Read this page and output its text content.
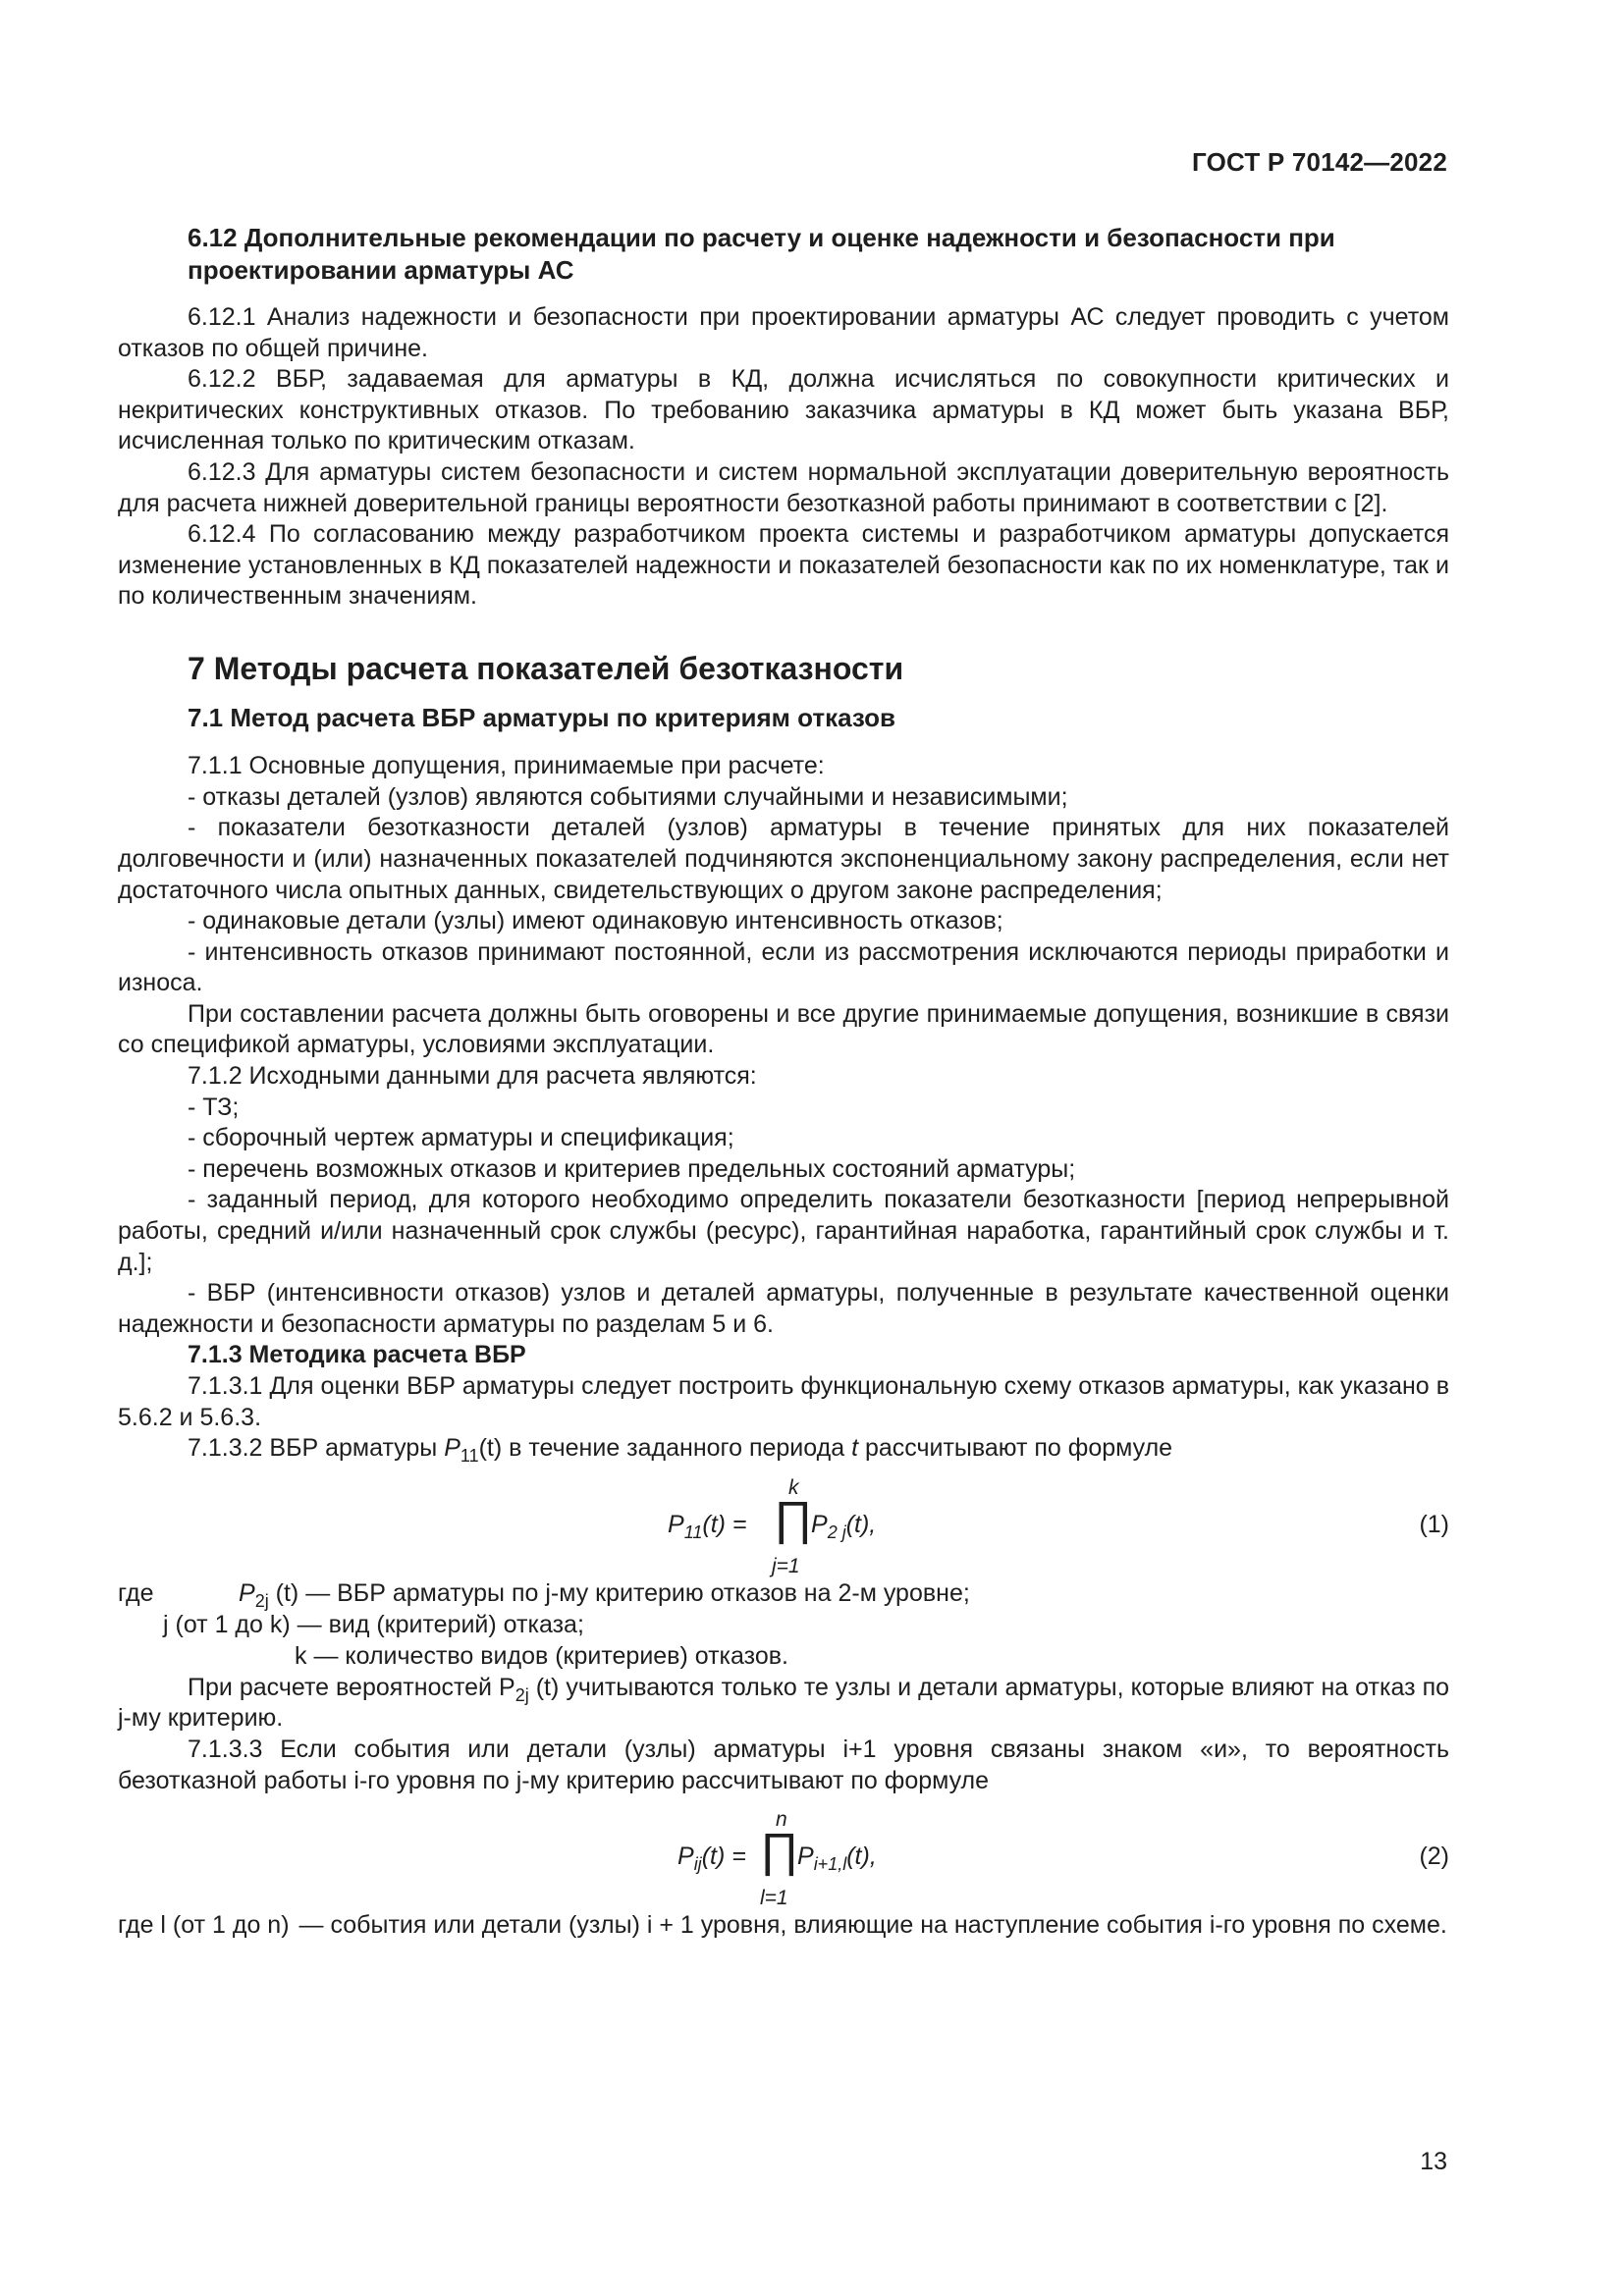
ГОСТ Р 70142—2022
6.12 Дополнительные рекомендации по расчету и оценке надежности и безопасности при проектировании арматуры АС

6.12.1 Анализ надежности и безопасности при проектировании арматуры АС следует проводить с учетом отказов по общей причине.

6.12.2 ВБР, задаваемая для арматуры в КД, должна исчисляться по совокупности критических и некритических конструктивных отказов. По требованию заказчика арматуры в КД может быть указана ВБР, исчисленная только по критическим отказам.

6.12.3 Для арматуры систем безопасности и систем нормальной эксплуатации доверительную вероятность для расчета нижней доверительной границы вероятности безотказной работы принимают в соответствии с [2].

6.12.4 По согласованию между разработчиком проекта системы и разработчиком арматуры допускается изменение установленных в КД показателей надежности и показателей безопасности как по их номенклатуре, так и по количественным значениям.

7 Методы расчета показателей безотказности
7.1 Метод расчета ВБР арматуры по критериям отказов

7.1.1 Основные допущения, принимаемые при расчете:

- отказы деталей (узлов) являются событиями случайными и независимыми;

- показатели безотказности деталей (узлов) арматуры в течение принятых для них показателей долговечности и (или) назначенных показателей подчиняются экспоненциальному закону распределения, если нет достаточного числа опытных данных, свидетельствующих о другом законе распределения;

- одинаковые детали (узлы) имеют одинаковую интенсивность отказов;

- интенсивность отказов принимают постоянной, если из рассмотрения исключаются периоды приработки и износа.

При составлении расчета должны быть оговорены и все другие принимаемые допущения, возникшие в связи со спецификой арматуры, условиями эксплуатации.

7.1.2 Исходными данными для расчета являются:

- ТЗ;

- сборочный чертеж арматуры и спецификация;

- перечень возможных отказов и критериев предельных состояний арматуры;

- заданный период, для которого необходимо определить показатели безотказности [период непрерывной работы, средний и/или назначенный срок службы (ресурс), гарантийная наработка, гарантийный срок службы и т. д.];

- ВБР (интенсивности отказов) узлов и деталей арматуры, полученные в результате качественной оценки надежности и безопасности арматуры по разделам 5 и 6.

7.1.3 Методика расчета ВБР

7.1.3.1 Для оценки ВБР арматуры следует построить функциональную схему отказов арматуры, как указано в 5.6.2 и 5.6.3.

7.1.3.2 ВБР арматуры $P_{11}(t)$ в течение заданного периода t рассчитывают по формуле

$P_{11}(t)$ =
k
∏
j=1
$P_{2 j}(t)$,	(1)
где	$P_{2j}$ (t) — ВБР арматуры по j-му критерию отказов на 2-м уровне;
j (от 1 до k) — вид (критерий) отказа;
k — количество видов (критериев) отказов.

При расчете вероятностей $P_{2j}$ (t) учитываются только те узлы и детали арматуры, которые влияют на отказ по j-му критерию.

7.1.3.3 Если события или детали (узлы) арматуры i+1 уровня связаны знаком «и», то вероятность безотказной работы i-го уровня по j-му критерию рассчитывают по формуле

$P_{ij}(t)$ =
n
∏
l=1
$P_{i+1,l}(t)$,	(2)
где l (от 1 до n) — события или детали (узлы) i + 1 уровня, влияющие на наступление события i-го уровня по схеме.
13
